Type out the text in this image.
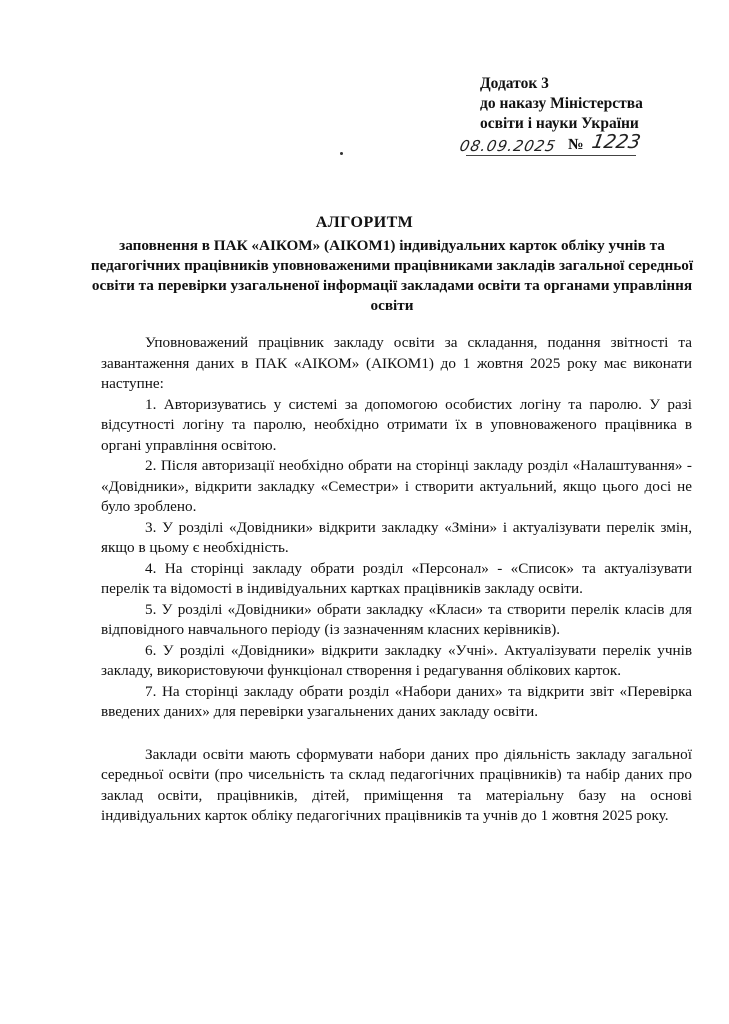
Додаток 3
до наказу Міністерства
освіти і науки України
08.09.2025 № 1223
АЛГОРИТМ
заповнення в ПАК «АІКОМ» (АІКОМ1) індивідуальних карток обліку учнів та педагогічних працівників уповноваженими працівниками закладів загальної середньої освіти та перевірки узагальненої інформації закладами освіти та органами управління освіти

Уповноважений працівник закладу освіти за складання, подання звітності та завантаження даних в ПАК «АІКОМ» (АІКОМ1) до 1 жовтня 2025 року має виконати наступне:

1. Авторизуватись у системі за допомогою особистих логіну та паролю. У разі відсутності логіну та паролю, необхідно отримати їх в уповноваженого працівника в органі управління освітою.

2. Після авторизації необхідно обрати на сторінці закладу розділ «Налаштування» - «Довідники», відкрити закладку «Семестри» і створити актуальний, якщо цього досі не було зроблено.

3. У розділі «Довідники» відкрити закладку «Зміни» і актуалізувати перелік змін, якщо в цьому є необхідність.

4. На сторінці закладу обрати розділ «Персонал» - «Список» та актуалізувати перелік та відомості в індивідуальних картках працівників закладу освіти.

5. У розділі «Довідники» обрати закладку «Класи» та створити перелік класів для відповідного навчального періоду (із зазначенням класних керівників).

6. У розділі «Довідники» відкрити закладку «Учні». Актуалізувати перелік учнів закладу, використовуючи функціонал створення і редагування облікових карток.

7. На сторінці закладу обрати розділ «Набори даних» та відкрити звіт «Перевірка введених даних» для перевірки узагальнених даних закладу освіти.

Заклади освіти мають сформувати набори даних про діяльність закладу загальної середньої освіти (про чисельність та склад педагогічних працівників) та набір даних про заклад освіти, працівників, дітей, приміщення та матеріальну базу на основі індивідуальних карток обліку педагогічних працівників та учнів до 1 жовтня 2025 року.
